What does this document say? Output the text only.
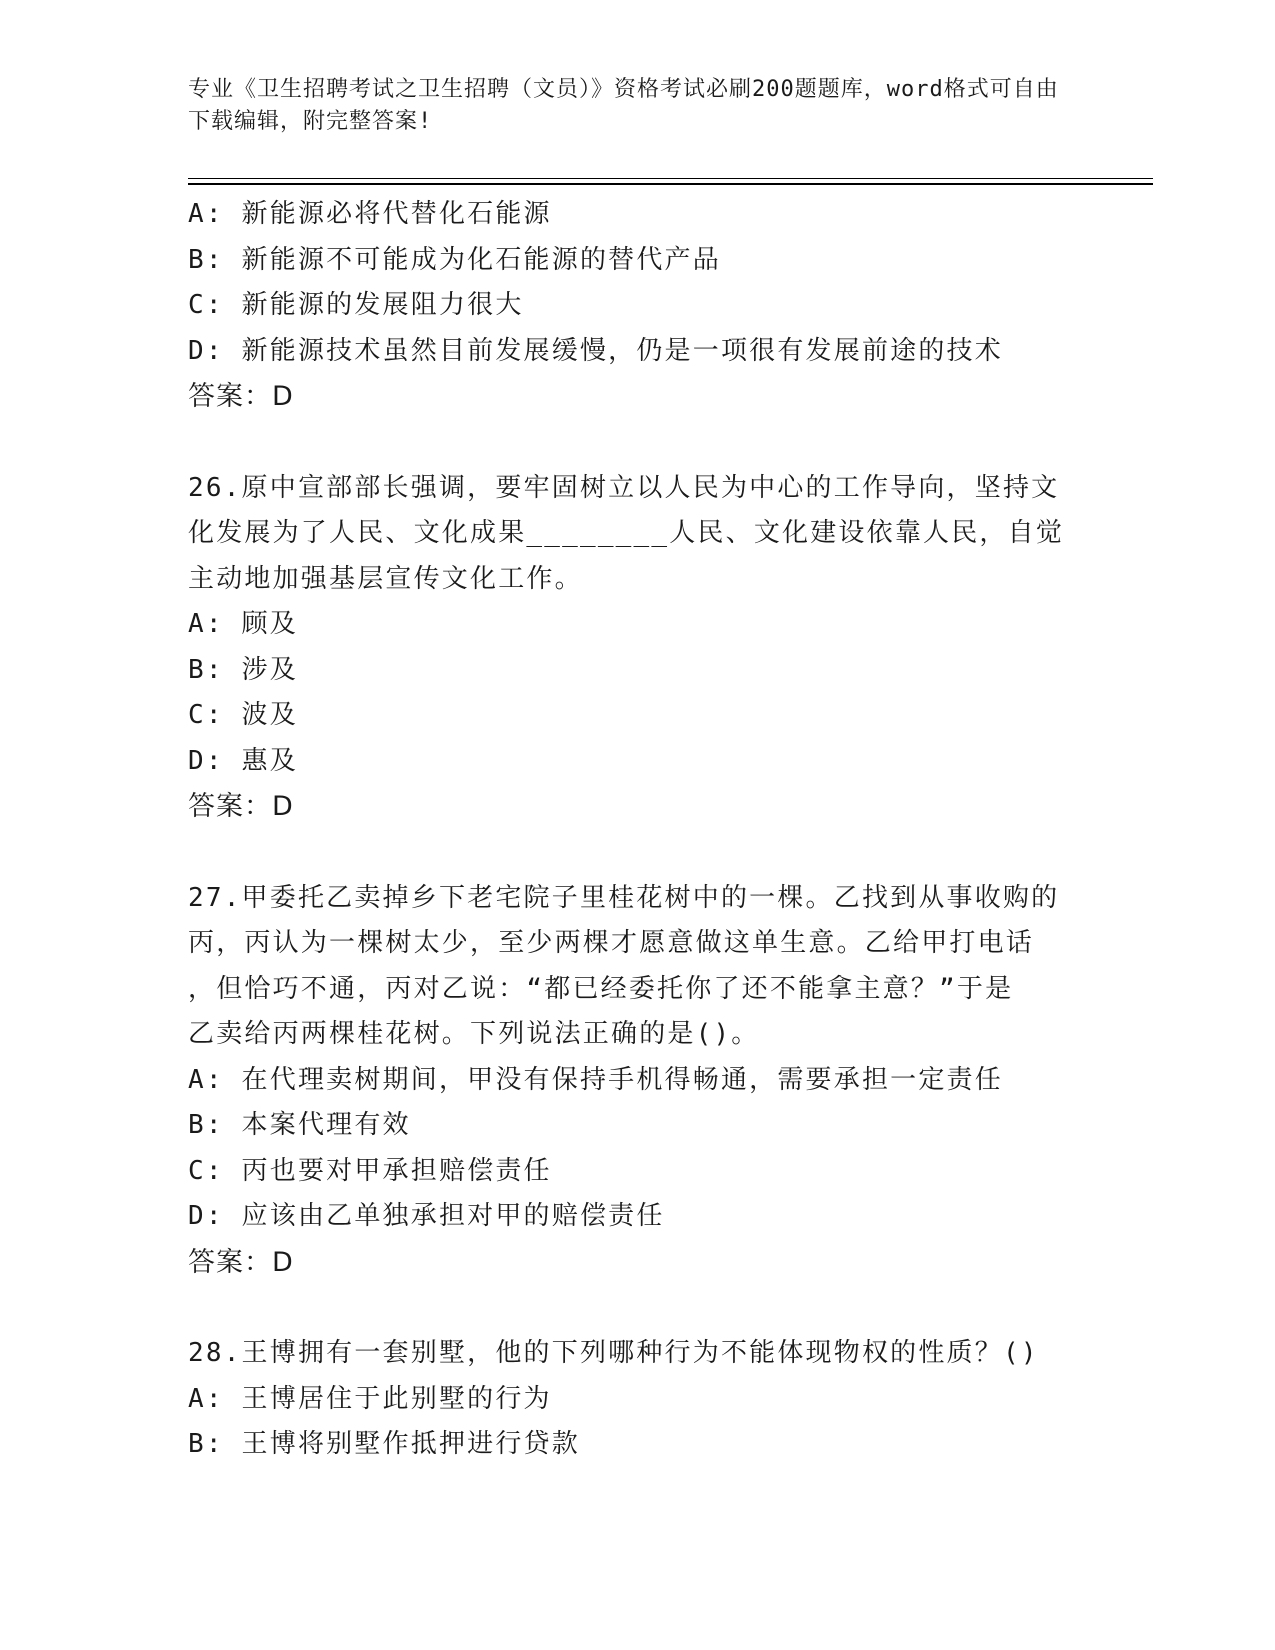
专业《卫生招聘考试之卫生招聘（文员）》资格考试必刷200题题库，word格式可自由下载编辑，附完整答案!
A: 新能源必将代替化石能源
B: 新能源不可能成为化石能源的替代产品
C: 新能源的发展阻力很大
D: 新能源技术虽然目前发展缓慢，仍是一项很有发展前途的技术
答案：D
26.原中宣部部长强调，要牢固树立以人民为中心的工作导向，坚持文
化发展为了人民、文化成果________人民、文化建设依靠人民，自觉
主动地加强基层宣传文化工作。
A: 顾及
B: 涉及
C: 波及
D: 惠及
答案：D
27.甲委托乙卖掉乡下老宅院子里桂花树中的一棵。乙找到从事收购的
丙，丙认为一棵树太少，至少两棵才愿意做这单生意。乙给甲打电话
，但恰巧不通，丙对乙说：“都已经委托你了还不能拿主意？”于是
乙卖给丙两棵桂花树。下列说法正确的是()。
A: 在代理卖树期间，甲没有保持手机得畅通，需要承担一定责任
B: 本案代理有效
C: 丙也要对甲承担赔偿责任
D: 应该由乙单独承担对甲的赔偿责任
答案：D
28.王博拥有一套别墅，他的下列哪种行为不能体现物权的性质？()
A: 王博居住于此别墅的行为
B: 王博将别墅作抵押进行贷款
